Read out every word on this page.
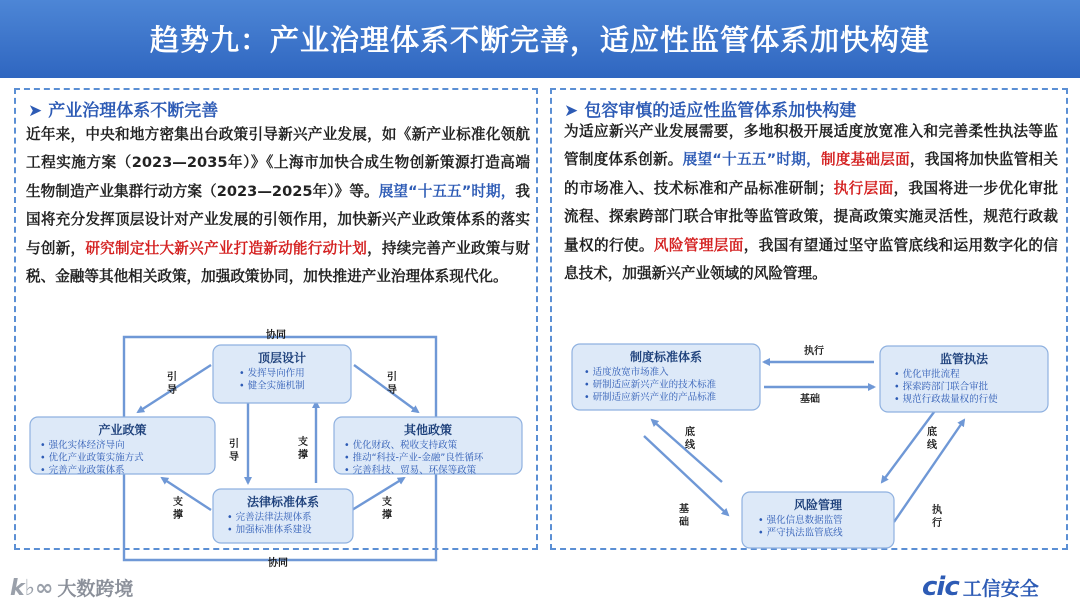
趋势九：产业治理体系不断完善，适应性监管体系加快构建
➤ 产业治理体系不断完善
近年来，中央和地方密集出台政策引导新兴产业发展，如《新产业标准化领航工程实施方案（2023—2035年）》《上海市加快合成生物创新策源打造高端生物制造产业集群行动方案（2023—2025年）》等。展望“十五五”时期，我国将充分发挥顶层设计对产业发展的引领作用，加快新兴产业政策体系的落实与创新，研究制定壮大新兴产业打造新动能行动计划，持续完善产业政策与财税、金融等其他相关政策，加强政策协同，加快推进产业治理体系现代化。
协同
协同
引
导
引
导
引
导
支
撑
支
撑
支
撑
顶层设计
• 发挥导向作用
• 健全实施机制
产业政策
• 强化实体经济导向
• 优化产业政策实施方式
• 完善产业政策体系
其他政策
• 优化财政、税收支持政策
• 推动“科技-产业-金融”良性循环
• 完善科技、贸易、环保等政策
法律标准体系
• 完善法律法规体系
• 加强标准体系建设
➤ 包容审慎的适应性监管体系加快构建
为适应新兴产业发展需要，多地积极开展适度放宽准入和完善柔性执法等监管制度体系创新。展望“十五五”时期，制度基础层面，我国将加快监管相关的市场准入、技术标准和产品标准研制；执行层面，我国将进一步优化审批流程、探索跨部门联合审批等监管政策，提高政策实施灵活性，规范行政裁量权的行使。风险管理层面，我国有望通过坚守监管底线和运用数字化的信息技术，加强新兴产业领域的风险管理。
执行
基础
底
线
基
础
底
线
执
行
制度标准体系
• 适度放宽市场准入
• 研制适应新兴产业的技术标准
• 研制适应新兴产业的产品标准
监管执法
• 优化审批流程
• 探索跨部门联合审批
• 规范行政裁量权的行使
风险管理
• 强化信息数据监管
• 严守执法监管底线
k♭∞ 大数跨境	cic 工信安全
